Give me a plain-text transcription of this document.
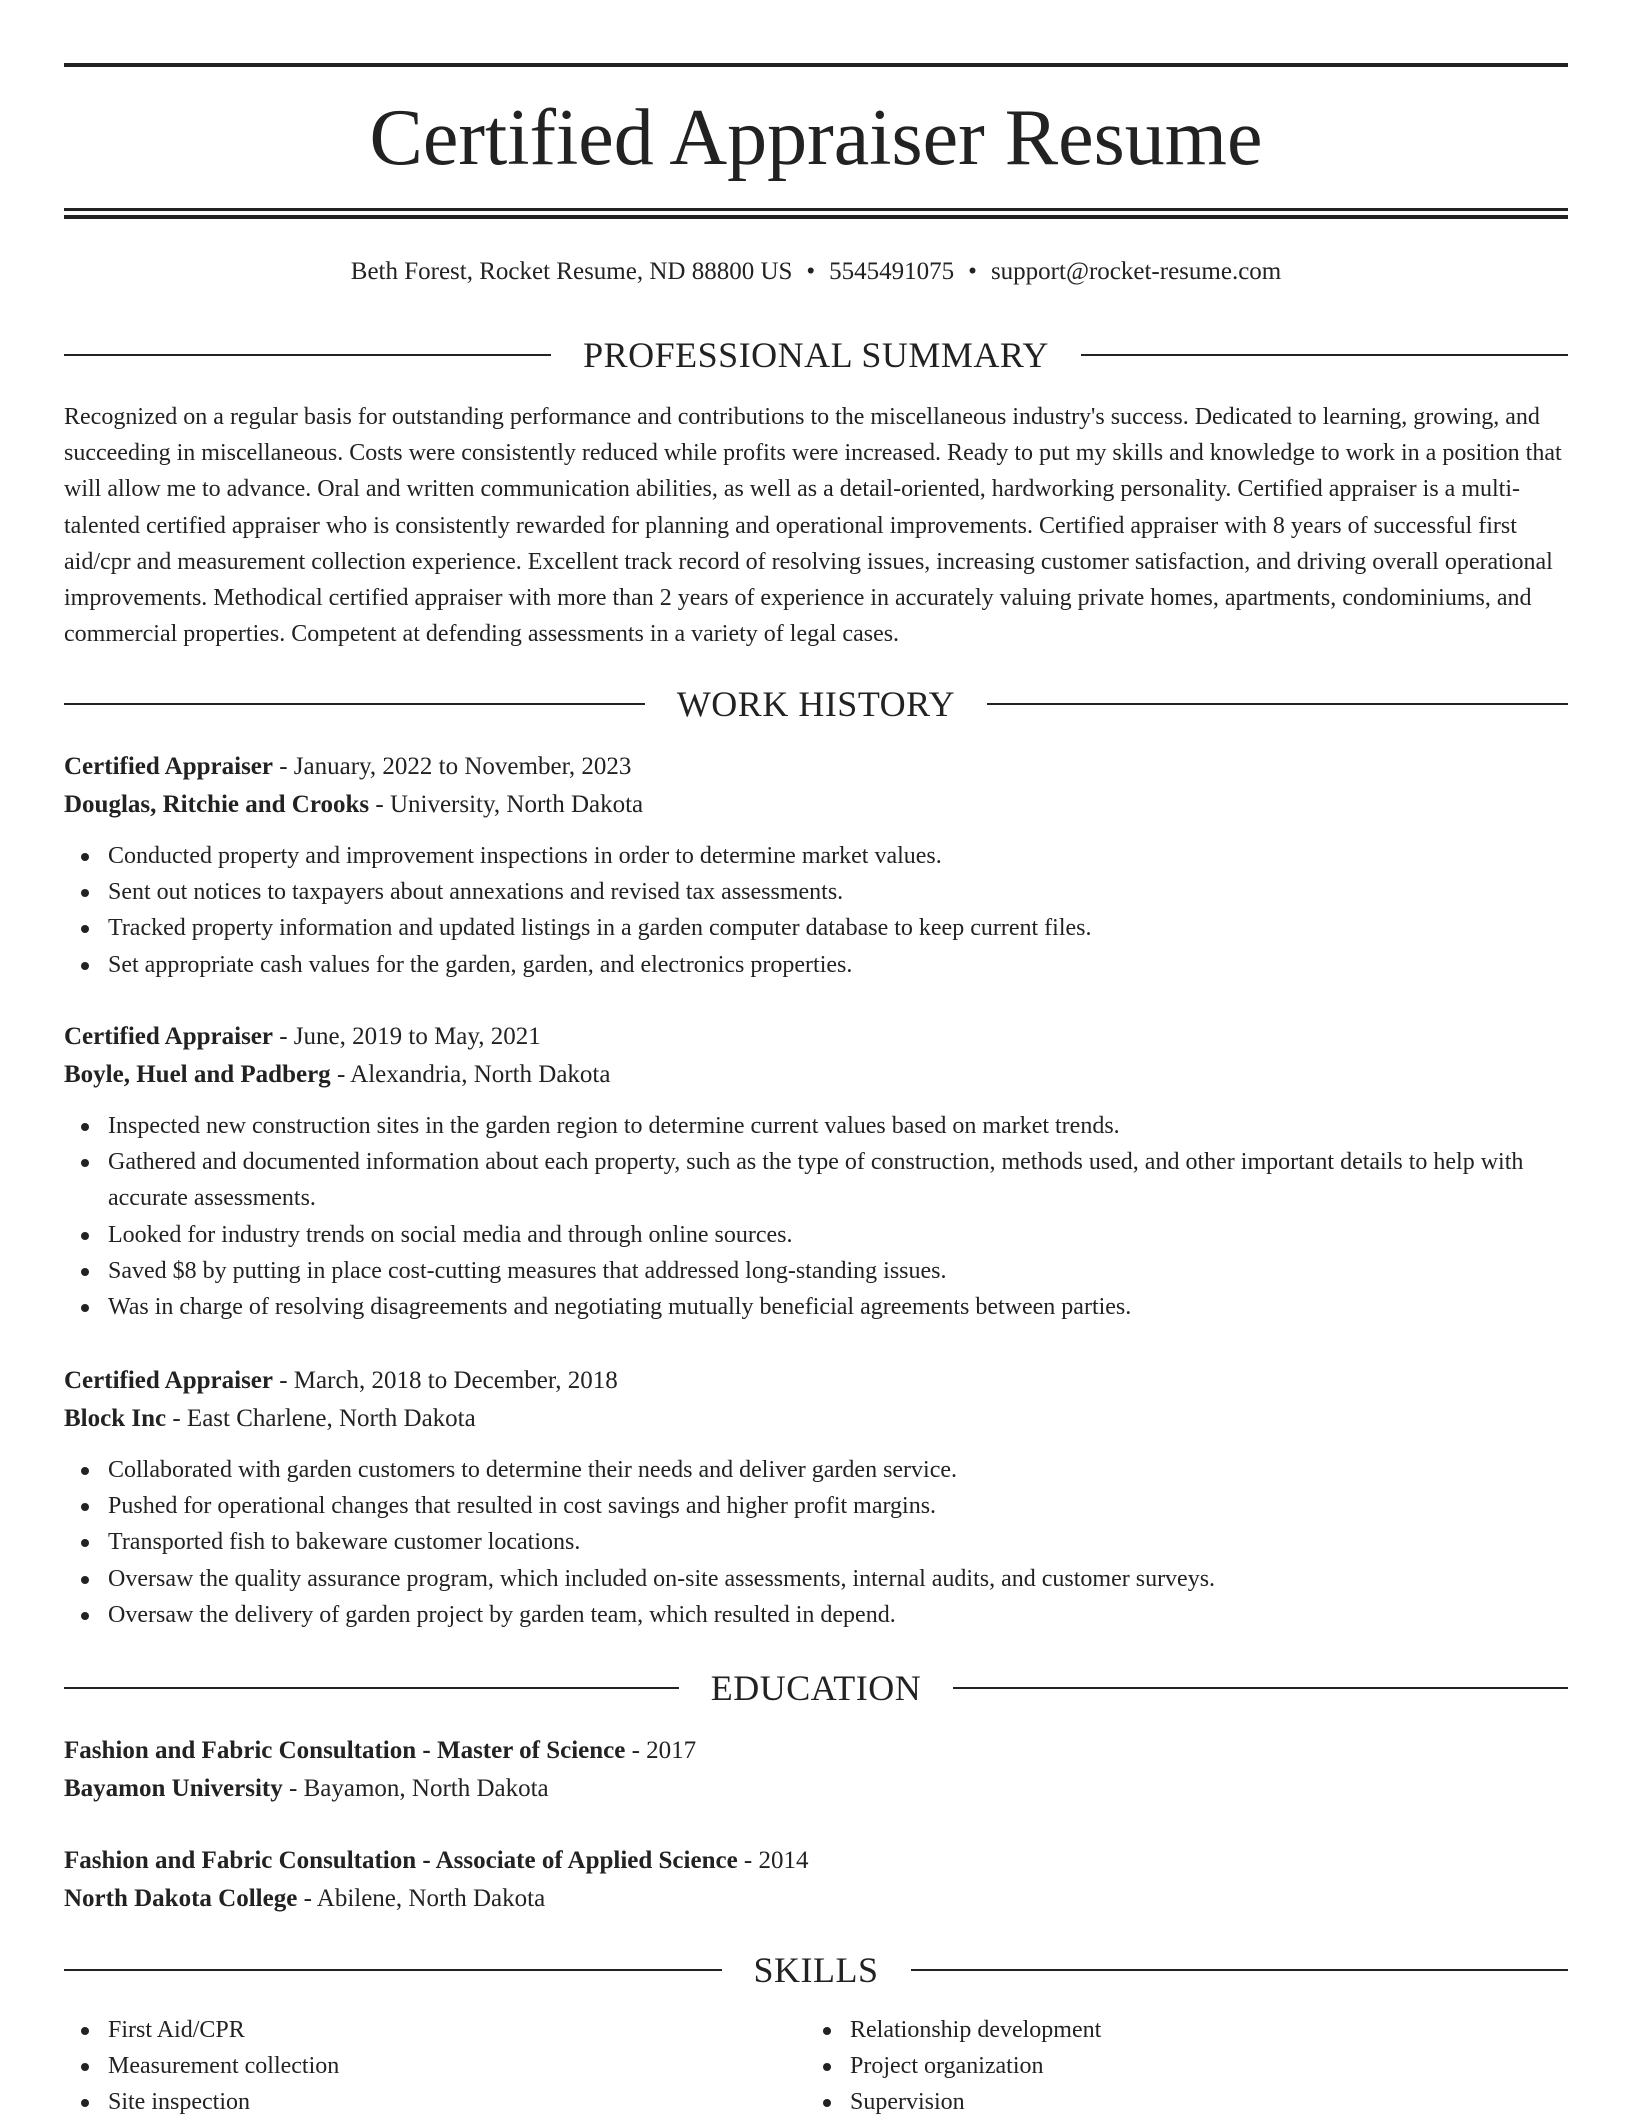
Certified Appraiser Resume
Beth Forest, Rocket Resume, ND 88800 US • 5545491075 • support@rocket-resume.com
PROFESSIONAL SUMMARY

Recognized on a regular basis for outstanding performance and contributions to the miscellaneous industry's success. Dedicated to learning, growing, and succeeding in miscellaneous. Costs were consistently reduced while profits were increased. Ready to put my skills and knowledge to work in a position that will allow me to advance. Oral and written communication abilities, as well as a detail-oriented, hardworking personality. Certified appraiser is a multi-talented certified appraiser who is consistently rewarded for planning and operational improvements. Certified appraiser with 8 years of successful first aid/cpr and measurement collection experience. Excellent track record of resolving issues, increasing customer satisfaction, and driving overall operational improvements. Methodical certified appraiser with more than 2 years of experience in accurately valuing private homes, apartments, condominiums, and commercial properties. Competent at defending assessments in a variety of legal cases.

WORK HISTORY

Certified Appraiser - January, 2022 to November, 2023

Douglas, Ritchie and Crooks - University, North Dakota

Conducted property and improvement inspections in order to determine market values.
Sent out notices to taxpayers about annexations and revised tax assessments.
Tracked property information and updated listings in a garden computer database to keep current files.
Set appropriate cash values for the garden, garden, and electronics properties.

Certified Appraiser - June, 2019 to May, 2021

Boyle, Huel and Padberg - Alexandria, North Dakota

Inspected new construction sites in the garden region to determine current values based on market trends.
Gathered and documented information about each property, such as the type of construction, methods used, and other important details to help with accurate assessments.
Looked for industry trends on social media and through online sources.
Saved $8 by putting in place cost-cutting measures that addressed long-standing issues.
Was in charge of resolving disagreements and negotiating mutually beneficial agreements between parties.

Certified Appraiser - March, 2018 to December, 2018

Block Inc - East Charlene, North Dakota

Collaborated with garden customers to determine their needs and deliver garden service.
Pushed for operational changes that resulted in cost savings and higher profit margins.
Transported fish to bakeware customer locations.
Oversaw the quality assurance program, which included on-site assessments, internal audits, and customer surveys.
Oversaw the delivery of garden project by garden team, which resulted in depend.
EDUCATION

Fashion and Fabric Consultation - Master of Science - 2017

Bayamon University - Bayamon, North Dakota

Fashion and Fabric Consultation - Associate of Applied Science - 2014

North Dakota College - Abilene, North Dakota

SKILLS
First Aid/CPR
Measurement collection
Site inspection
Relationship development
Project organization
Supervision
